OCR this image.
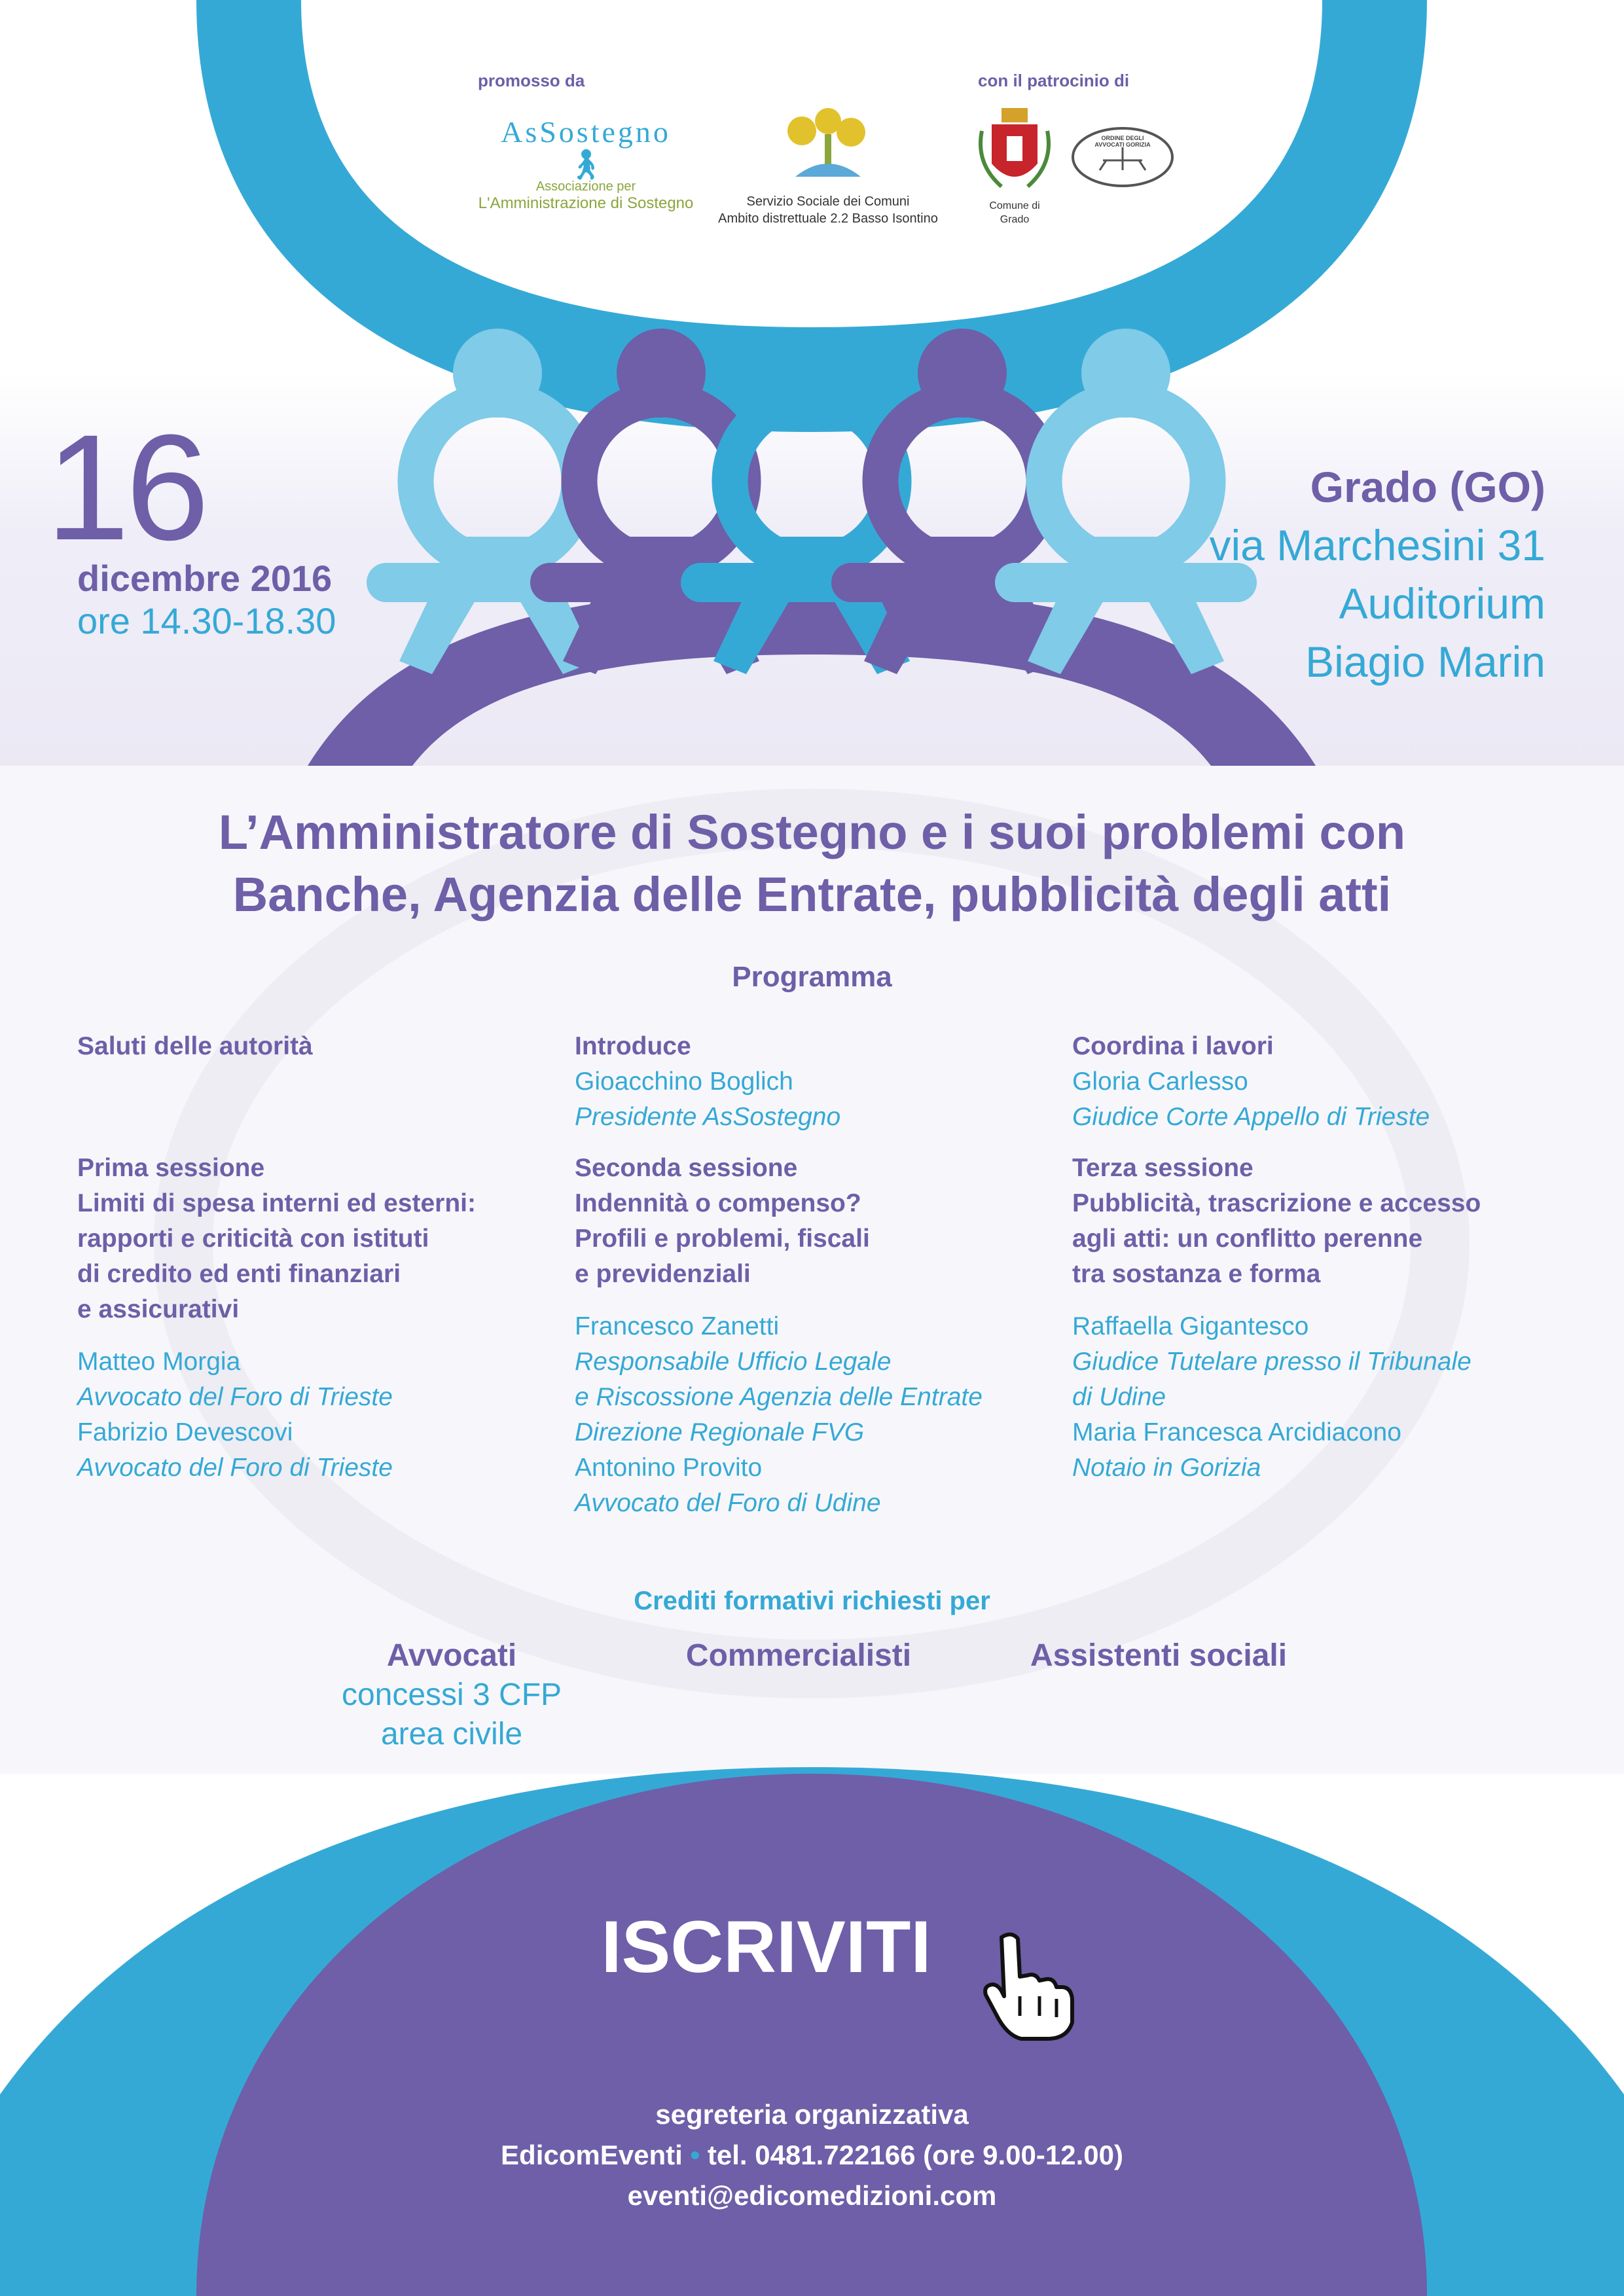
promosso da	con il patrocinio di
AsSostegno
🚶︎
Associazione per
L'Amministrazione di Sostegno	Servizio Sociale dei Comuni
Ambito distrettuale 2.2 Basso Isontino
Comune di
Grado
ORDINE DEGLI AVVOCATI GORIZIA
16
dicembre 2016
ore 14.30-18.30
Grado (GO)
via Marchesini 31
Auditorium
Biagio Marin
L’Amministratore di Sostegno e i suoi problemi con
Banche, Agenzia delle Entrate, pubblicità degli atti
Programma
Saluti delle autorità
Prima sessione
Limiti di spesa interni ed esterni:
rapporti e criticità con istituti
di credito ed enti finanziari
e assicurativi
Matteo Morgia
Avvocato del Foro di Trieste
Fabrizio Devescovi
Avvocato del Foro di Trieste
Introduce
Gioacchino Boglich
Presidente AsSostegno
Seconda sessione
Indennità o compenso?
Profili e problemi, fiscali
e previdenziali
Francesco Zanetti
Responsabile Ufficio Legale
e Riscossione Agenzia delle Entrate
Direzione Regionale FVG
Antonino Provito
Avvocato del Foro di Udine
Coordina i lavori
Gloria Carlesso
Giudice Corte Appello di Trieste
Terza sessione
Pubblicità, trascrizione e accesso
agli atti: un conflitto perenne
tra sostanza e forma
Raffaella Gigantesco
Giudice Tutelare presso il Tribunale
di Udine
Maria Francesca Arcidiacono
Notaio in Gorizia
Crediti formativi richiesti per
Avvocati
concessi 3 CFP
area civile
Commercialisti	Assistenti sociali
ISCRIVITI
segreteria organizzativa
EdicomEventi • tel. 0481.722166 (ore 9.00-12.00)
eventi@edicomedizioni.com
